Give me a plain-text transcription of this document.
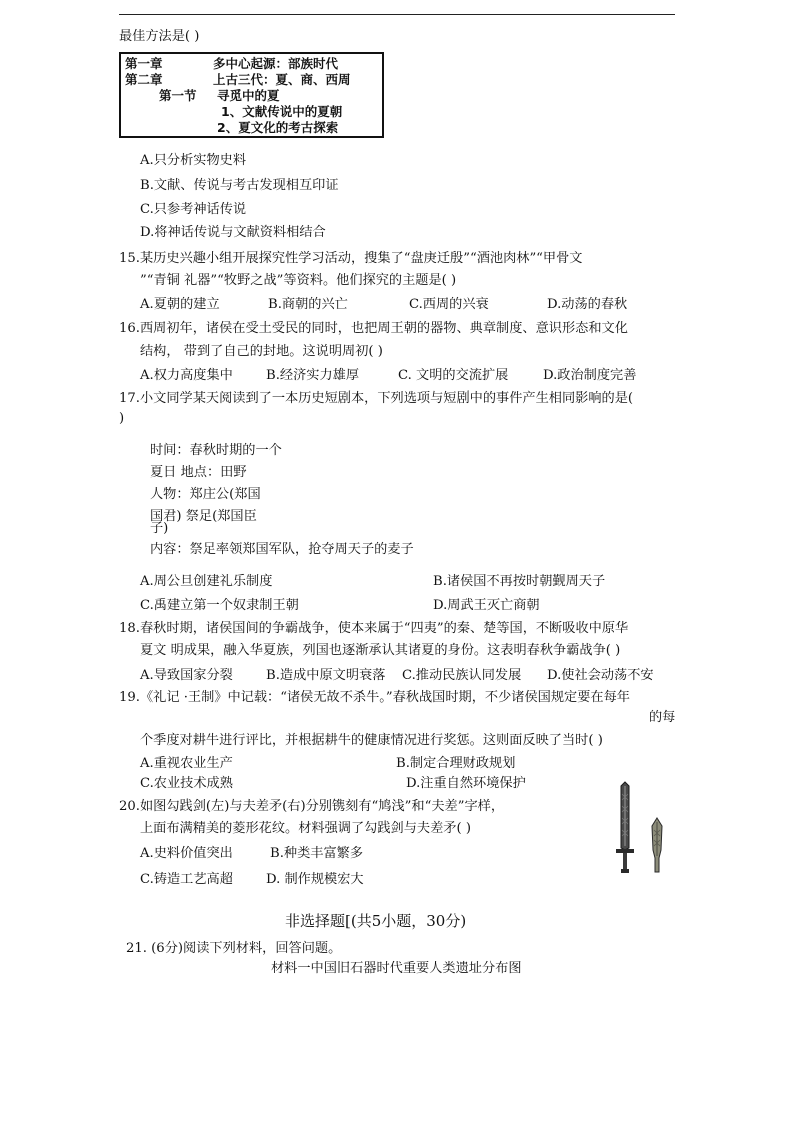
最佳方法是( )
第一章	多中心起源：部族时代
第二章	上古三代：夏、商、西周
第一节 寻觅中的夏
1、文献传说中的夏朝
2、夏文化的考古探索
A.只分析实物史料
B.文献、传说与考古发现相互印证
C.只参考神话传说
D.将神话传说与文献资料相结合
15.某历史兴趣小组开展探究性学习活动，搜集了“盘庚迁殷”“酒池肉林”“甲骨文
”“青铜 礼器”“牧野之战”等资料。他们探究的主题是( )
A.夏朝的建立	B.商朝的兴亡	C.西周的兴衰	D.动荡的春秋
16.西周初年，诸侯在受土受民的同时，也把周王朝的器物、典章制度、意识形态和文化
结构， 带到了自己的封地。这说明周初( )
A.权力高度集中	B.经济实力雄厚	C. 文明的交流扩展	D.政治制度完善
17.小文同学某天阅读到了一本历史短剧本，下列选项与短剧中的事件产生相同影响的是(
)
时间：春秋时期的一个
夏日 地点：田野
人物：郑庄公(郑国
国君) 祭足(郑国臣
子)
内容：祭足率领郑国军队，抢夺周天子的麦子
A.周公旦创建礼乐制度	B.诸侯国不再按时朝觐周天子
C.禹建立第一个奴隶制王朝	D.周武王灭亡商朝
18.春秋时期，诸侯国间的争霸战争，使本来属于“四夷”的秦、楚等国，不断吸收中原华
夏文 明成果，融入华夏族，列国也逐渐承认其诸夏的身份。这表明春秋争霸战争( )
A.导致国家分裂	B.造成中原文明衰落 C.推动民族认同发展 D.使社会动荡不安
19.《礼记 ·王制》中记载：“诸侯无故不杀牛。”春秋战国时期，不少诸侯国规定要在每年
的每
个季度对耕牛进行评比，并根据耕牛的健康情况进行奖惩。这则面反映了当时( )
A.重视农业生产	B.制定合理财政规划
C.农业技术成熟	D.注重自然环境保护
20.如图勾践剑(左)与夫差矛(右)分别镌刻有“鸠浅”和“夫差”字样，
上面布满精美的菱形花纹。材料强调了勾践剑与夫差矛( )
A.史料价值突出	B.种类丰富繁多
C.铸造工艺高超	D. 制作规模宏大
非选择题[(共5小题，30分)
21. (6分)阅读下列材料，回答问题。
材料一中国旧石器时代重要人类遗址分布图
